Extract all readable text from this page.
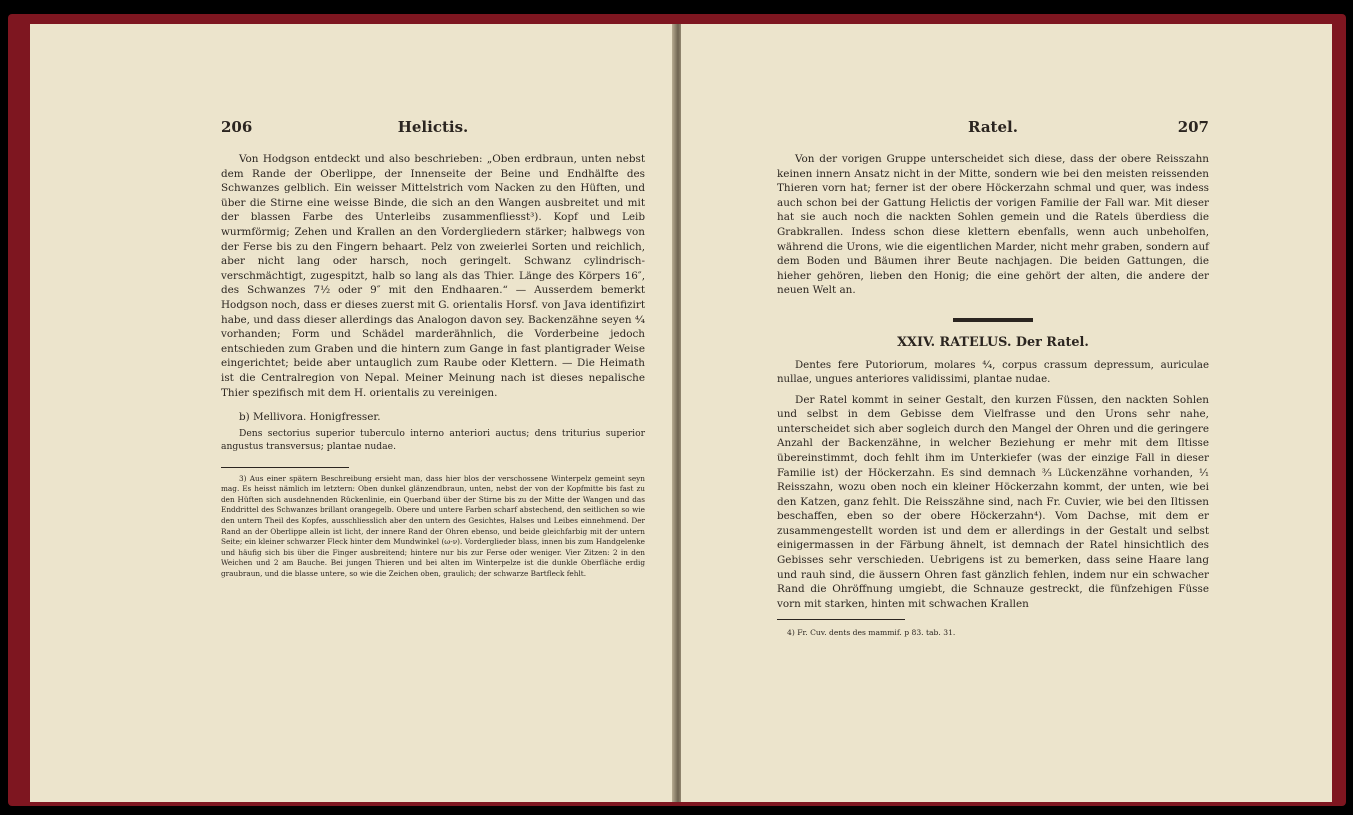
206	Helictis.

Von Hodgson entdeckt und also beschrieben: „Oben erdbraun, unten nebst dem Rande der Oberlippe, der Innenseite der Beine und Endhälfte des Schwanzes gelblich. Ein weisser Mittelstrich vom Nacken zu den Hüften, und über die Stirne eine weisse Binde, die sich an den Wangen ausbreitet und mit der blassen Farbe des Unterleibs zusammenfliesst³). Kopf und Leib wurmförmig; Zehen und Krallen an den Vordergliedern stärker; halbwegs von der Ferse bis zu den Fingern behaart. Pelz von zweierlei Sorten und reichlich, aber nicht lang oder harsch, noch geringelt. Schwanz cylindrisch-verschmächtigt, zugespitzt, halb so lang als das Thier. Länge des Körpers 16″, des Schwanzes 7½ oder 9″ mit den Endhaaren.“ — Ausserdem bemerkt Hodgson noch, dass er dieses zuerst mit G. orientalis Horsf. von Java identifizirt habe, und dass dieser allerdings das Analogon davon sey. Backenzähne seyen ⁴⁄₄ vorhanden; Form und Schädel marderähnlich, die Vorderbeine jedoch entschieden zum Graben und die hintern zum Gange in fast plantigrader Weise eingerichtet; beide aber untauglich zum Raube oder Klettern. — Die Heimath ist die Centralregion von Nepal. Meiner Meinung nach ist dieses nepalische Thier spezifisch mit dem H. orientalis zu vereinigen.

b) Mellivora. Honigfresser.

Dens sectorius superior tuberculo interno anteriori auctus; dens triturius superior angustus transversus; plantae nudae.

3) Aus einer spätern Beschreibung ersieht man, dass hier blos der verschossene Winterpelz gemeint seyn mag. Es heisst nämlich im letztern: Oben dunkel glänzendbraun, unten, nebst der von der Kopfmitte bis fast zu den Hüften sich ausdehnenden Rückenlinie, ein Querband über der Stirne bis zu der Mitte der Wangen und das Enddrittel des Schwanzes brillant orangegelb. Obere und untere Farben scharf abstechend, den seitlichen so wie den untern Theil des Kopfes, ausschliesslich aber den untern des Gesichtes, Halses und Leibes einnehmend. Der Rand an der Oberlippe allein ist licht, der innere Rand der Ohren ebenso, und beide gleichfarbig mit der untern Seite; ein kleiner schwarzer Fleck hinter dem Mundwinkel (ω-ν). Vorderglieder blass, innen bis zum Handgelenke und häufig sich bis über die Finger ausbreitend; hintere nur bis zur Ferse oder weniger. Vier Zitzen: 2 in den Weichen und 2 am Bauche. Bei jungen Thieren und bei alten im Winterpelze ist die dunkle Oberfläche erdig graubraun, und die blasse untere, so wie die Zeichen oben, graulich; der schwarze Bartfleck fehlt.

Ratel.	207

Von der vorigen Gruppe unterscheidet sich diese, dass der obere Reisszahn keinen innern Ansatz nicht in der Mitte, sondern wie bei den meisten reissenden Thieren vorn hat; ferner ist der obere Höckerzahn schmal und quer, was indess auch schon bei der Gattung Helictis der vorigen Familie der Fall war. Mit dieser hat sie auch noch die nackten Sohlen gemein und die Ratels überdiess die Grabkrallen. Indess schon diese klettern ebenfalls, wenn auch unbeholfen, während die Urons, wie die eigentlichen Marder, nicht mehr graben, sondern auf dem Boden und Bäumen ihrer Beute nachjagen. Die beiden Gattungen, die hieher gehören, lieben den Honig; die eine gehört der alten, die andere der neuen Welt an.

XXIV. RATELUS. Der Ratel.

Dentes fere Putoriorum, molares ⁴⁄₄, corpus crassum depressum, auriculae nullae, ungues anteriores validissimi, plantae nudae.

Der Ratel kommt in seiner Gestalt, den kurzen Füssen, den nackten Sohlen und selbst in dem Gebisse dem Vielfrasse und den Urons sehr nahe, unterscheidet sich aber sogleich durch den Mangel der Ohren und die geringere Anzahl der Backenzähne, in welcher Beziehung er mehr mit dem Iltisse übereinstimmt, doch fehlt ihm im Unterkiefer (was der einzige Fall in dieser Familie ist) der Höckerzahn. Es sind demnach ³⁄₃ Lückenzähne vorhanden, ⅟₁ Reisszahn, wozu oben noch ein kleiner Höckerzahn kommt, der unten, wie bei den Katzen, ganz fehlt. Die Reisszähne sind, nach Fr. Cuvier, wie bei den Iltissen beschaffen, eben so der obere Höckerzahn⁴). Vom Dachse, mit dem er zusammengestellt worden ist und dem er allerdings in der Gestalt und selbst einigermassen in der Färbung ähnelt, ist demnach der Ratel hinsichtlich des Gebisses sehr verschieden. Uebrigens ist zu bemerken, dass seine Haare lang und rauh sind, die äussern Ohren fast gänzlich fehlen, indem nur ein schwacher Rand die Ohröffnung umgiebt, die Schnauze gestreckt, die fünfzehigen Füsse vorn mit starken, hinten mit schwachen Krallen

4) Fr. Cuv. dents des mammif. p 83. tab. 31.
